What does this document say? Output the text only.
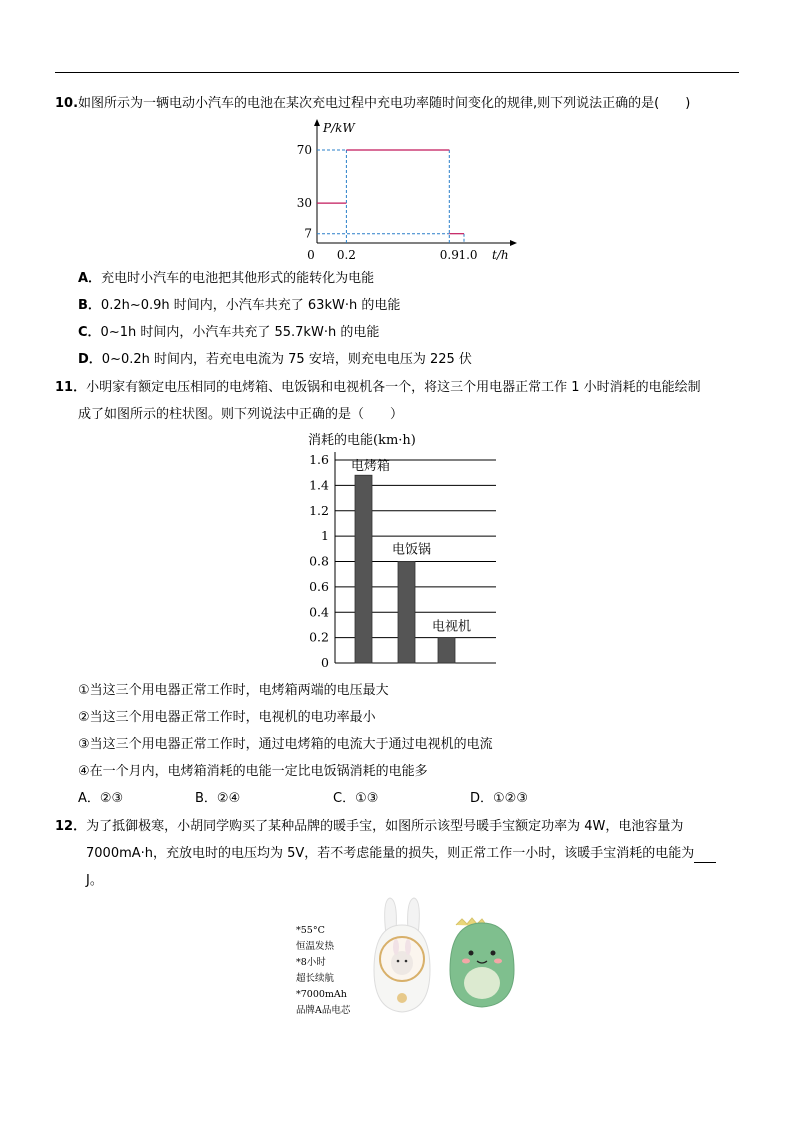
10.如图所示为一辆电动小汽车的电池在某次充电过程中充电功率随时间变化的规律,则下列说法正确的是(　　)
P/kW
t/h
7
30
70
0 0.2	0.9 1.0
A．充电时小汽车的电池把其他形式的能转化为电能
B．0.2h~0.9h 时间内，小汽车共充了 63kW·h 的电能
C．0~1h 时间内，小汽车共充了 55.7kW·h 的电能
D．0~0.2h 时间内，若充电电流为 75 安培，则充电电压为 225 伏
11．小明家有额定电压相同的电烤箱、电饭锅和电视机各一个，将这三个用电器正常工作 1 小时消耗的电能绘制
成了如图所示的柱状图。则下列说法中正确的是（　　）
消耗的电能(km·h)
0
0.2
0.4
0.6
0.8
1
1.2
1.4
1.6 电烤箱
电饭锅
电视机
①当这三个用电器正常工作时，电烤箱两端的电压最大
②当这三个用电器正常工作时，电视机的电功率最小
③当这三个用电器正常工作时，通过电烤箱的电流大于通过电视机的电流
④在一个月内，电烤箱消耗的电能一定比电饭锅消耗的电能多
A．②③	B．②④	C．①③	D．①②③
12．为了抵御极寒，小胡同学购买了某种品牌的暖手宝，如图所示该型号暖手宝额定功率为 4W，电池容量为
7000mA·h，充放电时的电压均为 5V，若不考虑能量的损失，则正常工作一小时，该暖手宝消耗的电能为
J。
*55°C
恒温发热
*8小时
超长续航
*7000mAh
品牌A品电芯
